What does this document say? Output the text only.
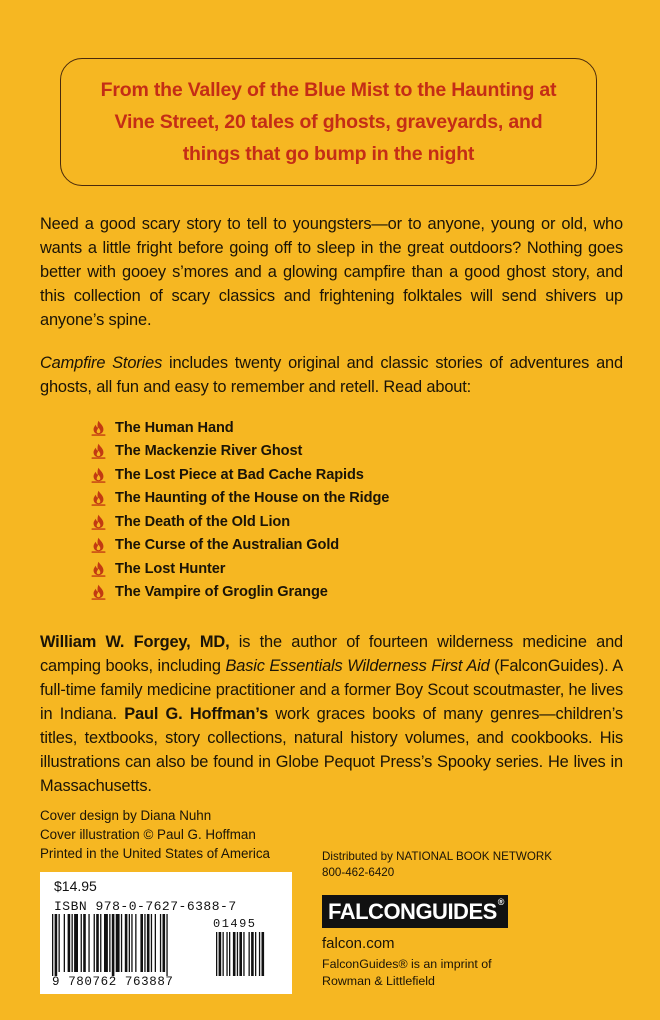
From the Valley of the Blue Mist to the Haunting at
Vine Street, 20 tales of ghosts, graveyards, and
things that go bump in the night

Need a good scary story to tell to youngsters—or to anyone, young or old, who wants a little fright before going off to sleep in the great outdoors? Nothing goes better with gooey s’mores and a glowing campfire than a good ghost story, and this collection of scary classics and frightening folktales will send shivers up anyone’s spine.

Campfire Stories includes twenty original and classic stories of adventures and ghosts, all fun and easy to remember and retell. Read about:

The Human Hand
The Mackenzie River Ghost
The Lost Piece at Bad Cache Rapids
The Haunting of the House on the Ridge
The Death of the Old Lion
The Curse of the Australian Gold
The Lost Hunter
The Vampire of Groglin Grange

William W. Forgey, MD, is the author of fourteen wilderness medicine and camping books, including Basic Essentials Wilderness First Aid (FalconGuides). A full-time family medicine practitioner and a former Boy Scout scoutmaster, he lives in Indiana. Paul G. Hoffman’s work graces books of many genres—children’s titles, textbooks, story collections, natural history volumes, and cookbooks. His illustrations can also be found in Globe Pequot Press’s Spooky series. He lives in Massachusetts.

Cover design by Diana Nuhn
Cover illustration © Paul G. Hoffman
Printed in the United States of America	Distributed by NATIONAL BOOK NETWORK
800-462-6420
$14.95
ISBN 978-0-7627-6388-7
01495
9 780762 763887
FALCONGUIDES®
falcon.com
FalconGuides® is an imprint of
Rowman & Littlefield
